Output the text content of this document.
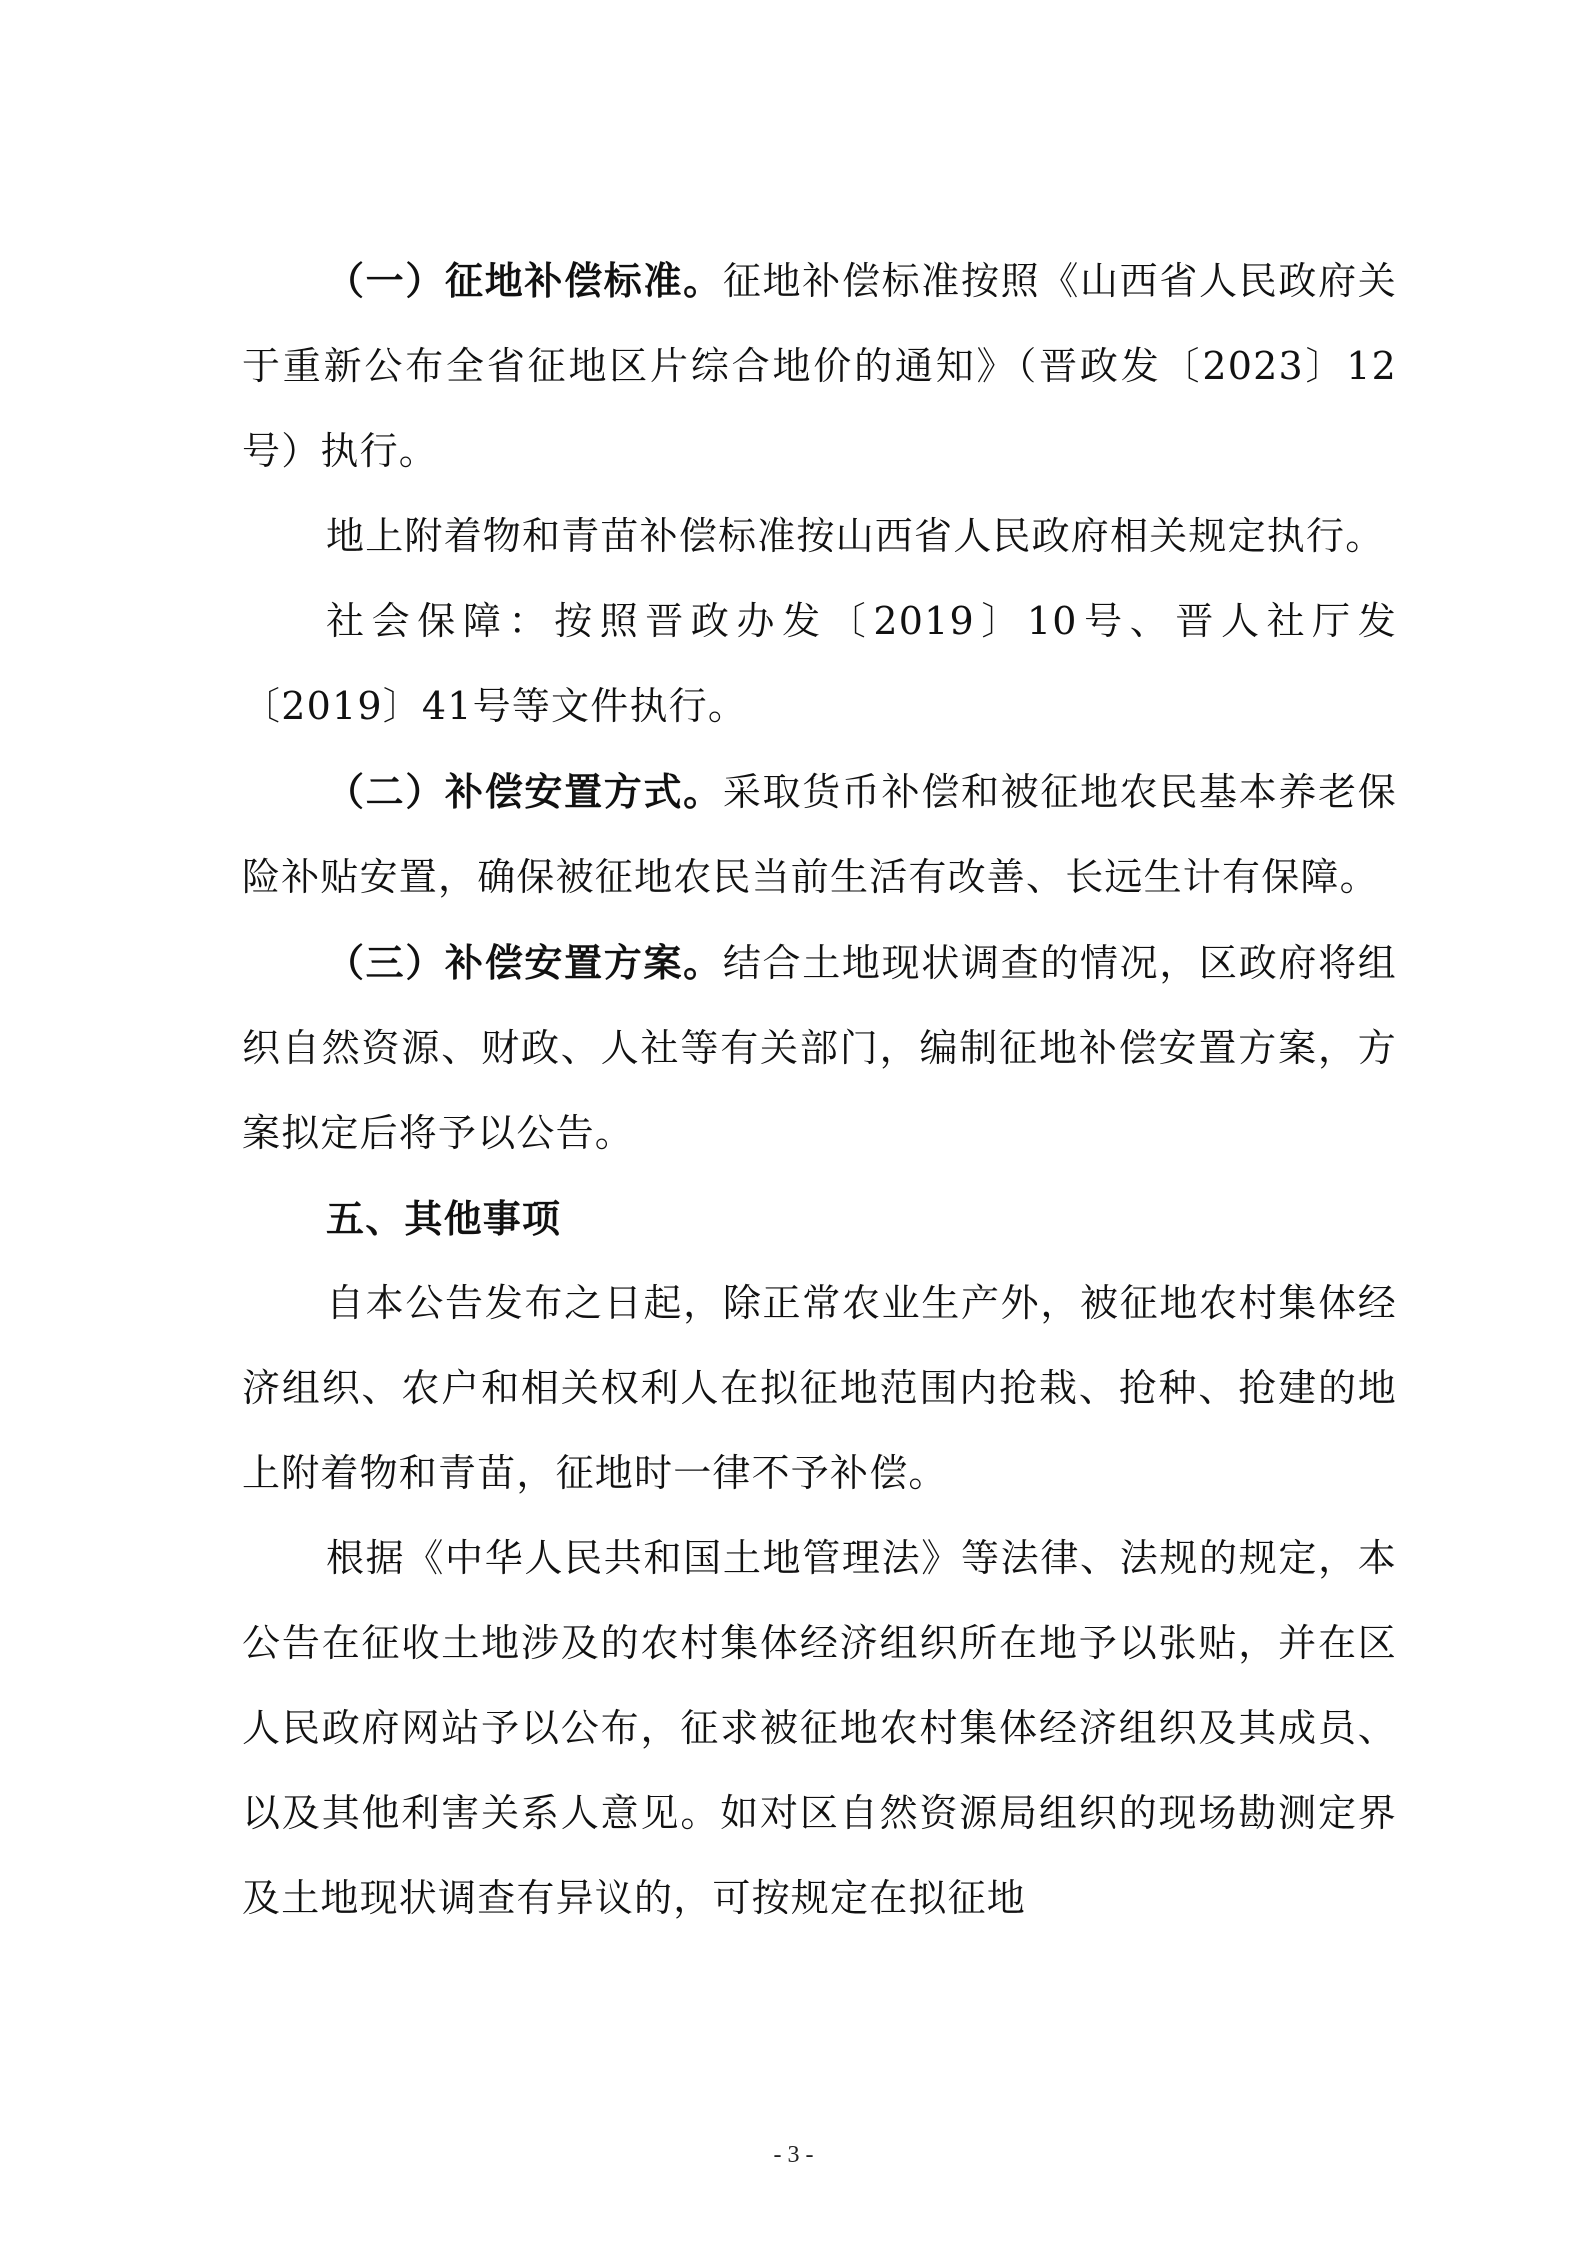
（一）征地补偿标准。征地补偿标准按照《山西省人民政府关于重新公布全省征地区片综合地价的通知》（晋政发〔2023〕12号）执行。

地上附着物和青苗补偿标准按山西省人民政府相关规定执行。

社会保障：按照晋政办发〔2019〕10号、晋人社厅发〔2019〕41号等文件执行。

（二）补偿安置方式。采取货币补偿和被征地农民基本养老保险补贴安置，确保被征地农民当前生活有改善、长远生计有保障。

（三）补偿安置方案。结合土地现状调查的情况，区政府将组织自然资源、财政、人社等有关部门，编制征地补偿安置方案，方案拟定后将予以公告。

五、其他事项

自本公告发布之日起，除正常农业生产外，被征地农村集体经济组织、农户和相关权利人在拟征地范围内抢栽、抢种、抢建的地上附着物和青苗，征地时一律不予补偿。

根据《中华人民共和国土地管理法》等法律、法规的规定，本公告在征收土地涉及的农村集体经济组织所在地予以张贴，并在区人民政府网站予以公布，征求被征地农村集体经济组织及其成员、以及其他利害关系人意见。如对区自然资源局组织的现场勘测定界及土地现状调查有异议的，可按规定在拟征地

- 3 -
